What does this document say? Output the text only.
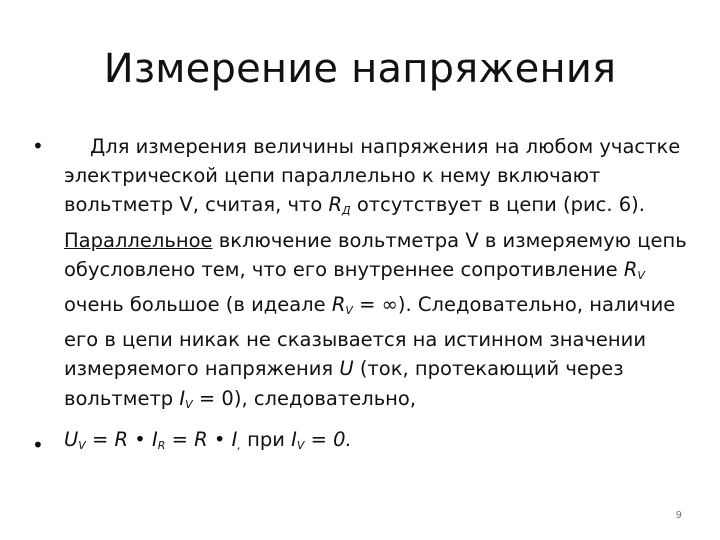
Измерение напряжения
•	Для измерения величины напряжения на любом участке электрической цепи параллельно к нему включают вольтметр V, считая, что $R_Д$ отсутствует в цепи (рис. 6). Параллельное включение вольтметра V в измеряемую цепь обусловлено тем, что его внутреннее сопротивление $R_V$ очень большое (в идеале $R_V$ = ∞). Следовательно, наличие его в цепи никак не сказывается на истинном значении измеряемого напряжения U (ток, протекающий через вольтметр $I_V = 0$), следовательно,
• $U_V = R$ • $I_R = R$ • $I_,$ при $I_V = 0$.
9
